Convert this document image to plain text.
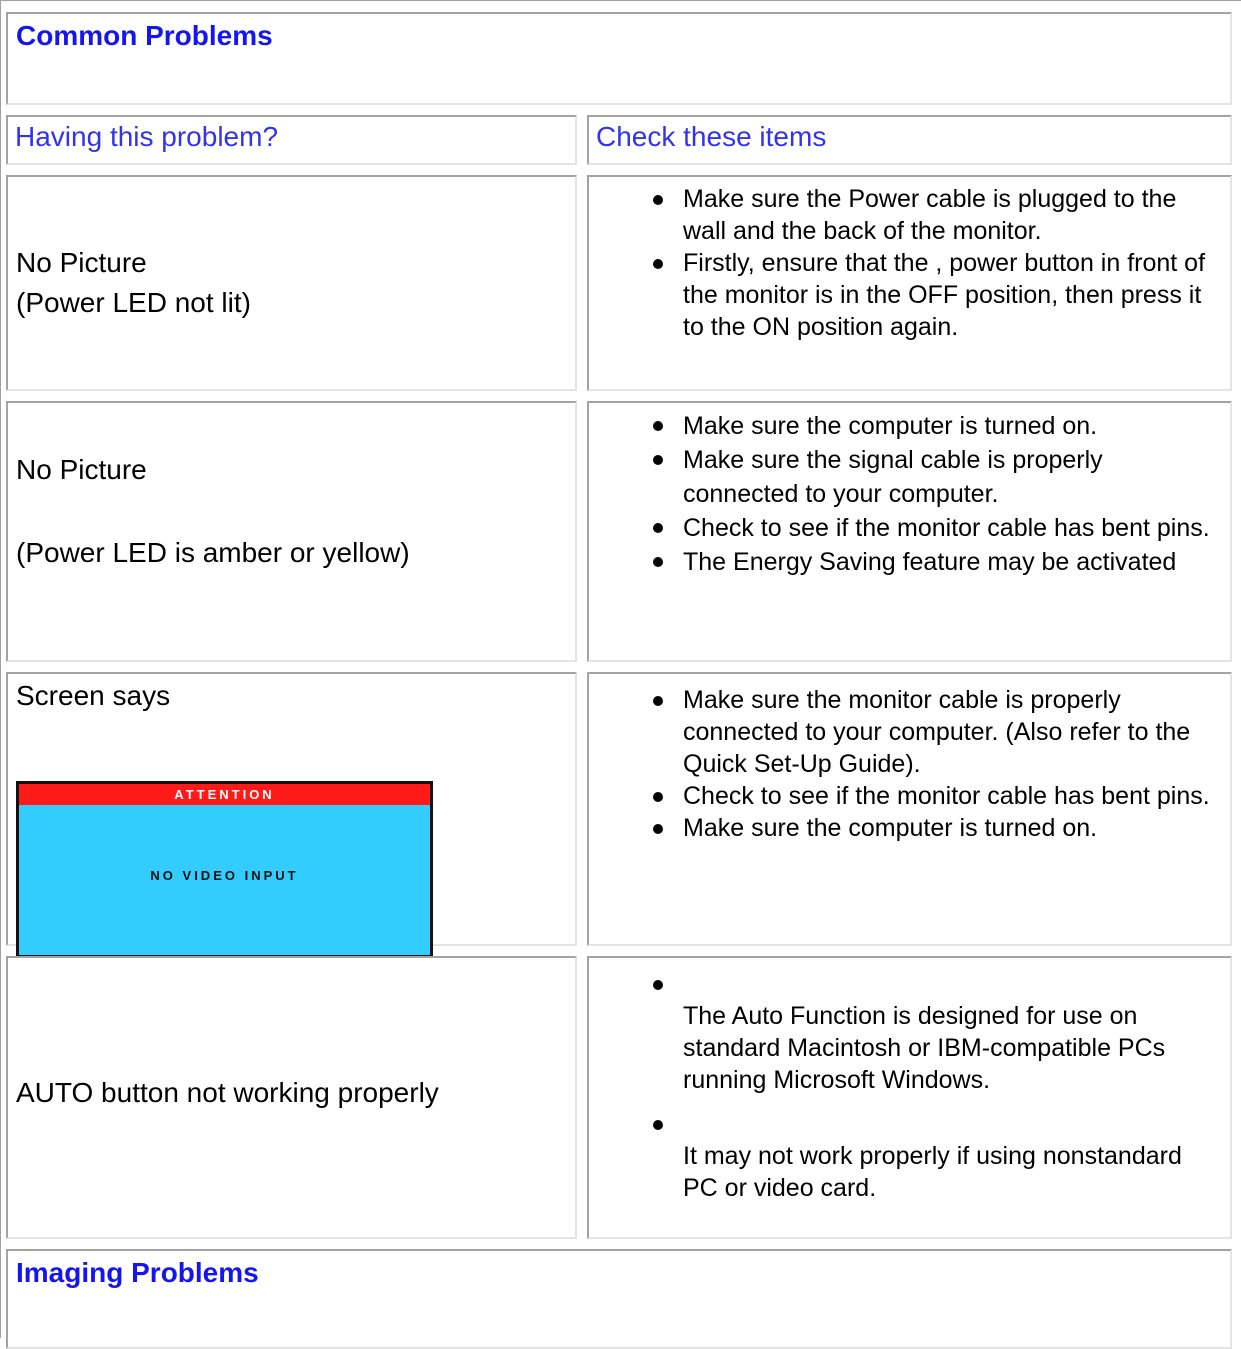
Common Problems
Having this problem?	Check these items
No Picture
(Power LED not lit)
Make sure the Power cable is plugged to the wall and the back of the monitor.
Firstly, ensure that the , power button in front of the monitor is in the OFF position, then press it to the ON position again.
No Picture
(Power LED is amber or yellow)
Make sure the computer is turned on.
Make sure the signal cable is properly connected to your computer.
Check to see if the monitor cable has bent pins.
The Energy Saving feature may be activated
Screen says
ATTENTION
NO VIDEO INPUT
Make sure the monitor cable is properly connected to your computer. (Also refer to the Quick Set-Up Guide).
Check to see if the monitor cable has bent pins.
Make sure the computer is turned on.
AUTO button not working properly
The Auto Function is designed for use on standard Macintosh or IBM-compatible PCs running Microsoft Windows.
It may not work properly if using nonstandard PC or video card.
Imaging Problems
